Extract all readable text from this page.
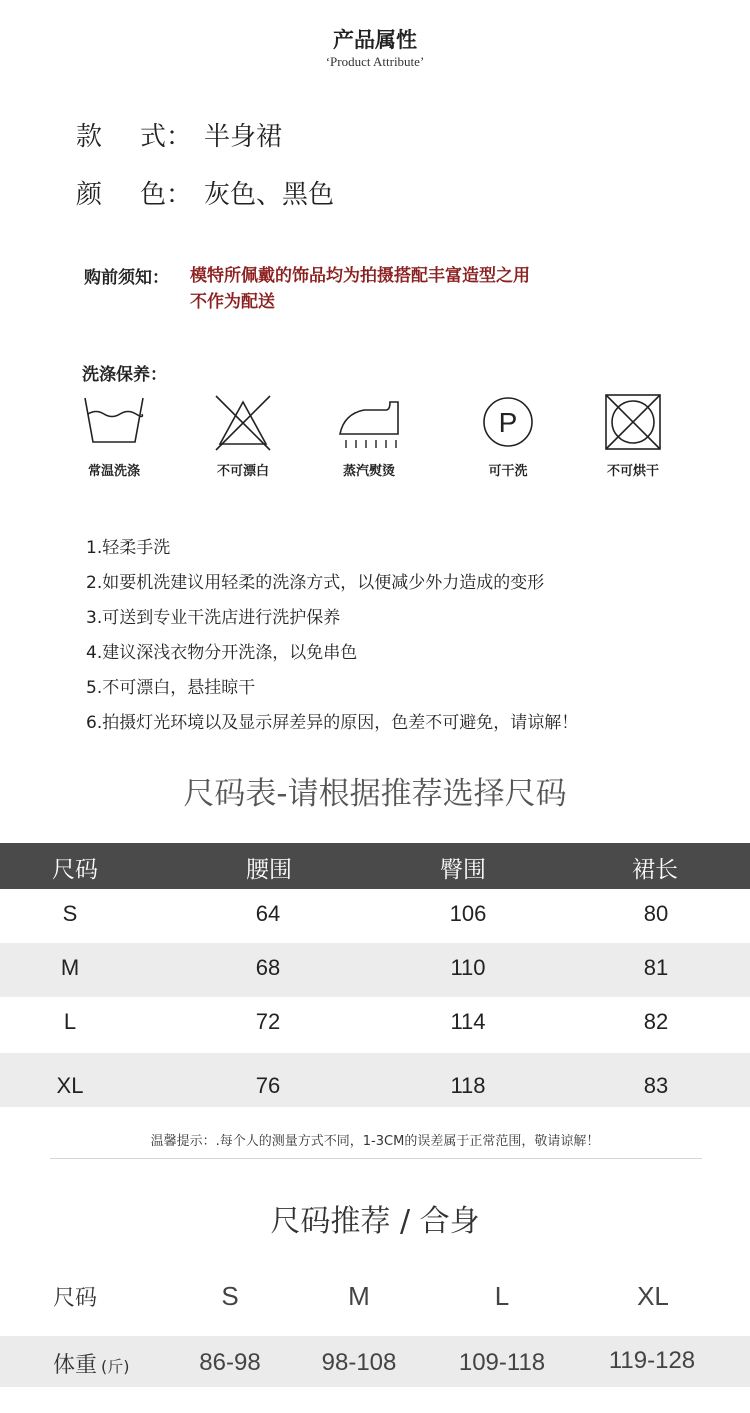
产品属性
‘Product Attribute’
款 式： 半身裙
颜 色： 灰色、黑色
购前须知： 模特所佩戴的饰品均为拍摄搭配丰富造型之用
不作为配送
洗涤保养：
常温洗涤	不可漂白	蒸汽熨烫
P
可干洗	不可烘干
1.轻柔手洗
2.如要机洗建议用轻柔的洗涤方式，以便减少外力造成的变形
3.可送到专业干洗店进行洗护保养
4.建议深浅衣物分开洗涤，以免串色
5.不可漂白，悬挂晾干
6.拍摄灯光环境以及显示屏差异的原因，色差不可避免，请谅解！
尺码表-请根据推荐选择尺码
尺码	腰围	臀围	裙长
S	64	106	80
M	68	110	81
L	72	114	82
XL	76	118	83
温馨提示：.每个人的测量方式不同，1-3CM的误差属于正常范围，敬请谅解！
尺码推荐 / 合身
尺码	S	M	L	XL
体重 (斤)	86-98	98-108	109-118	119-128
